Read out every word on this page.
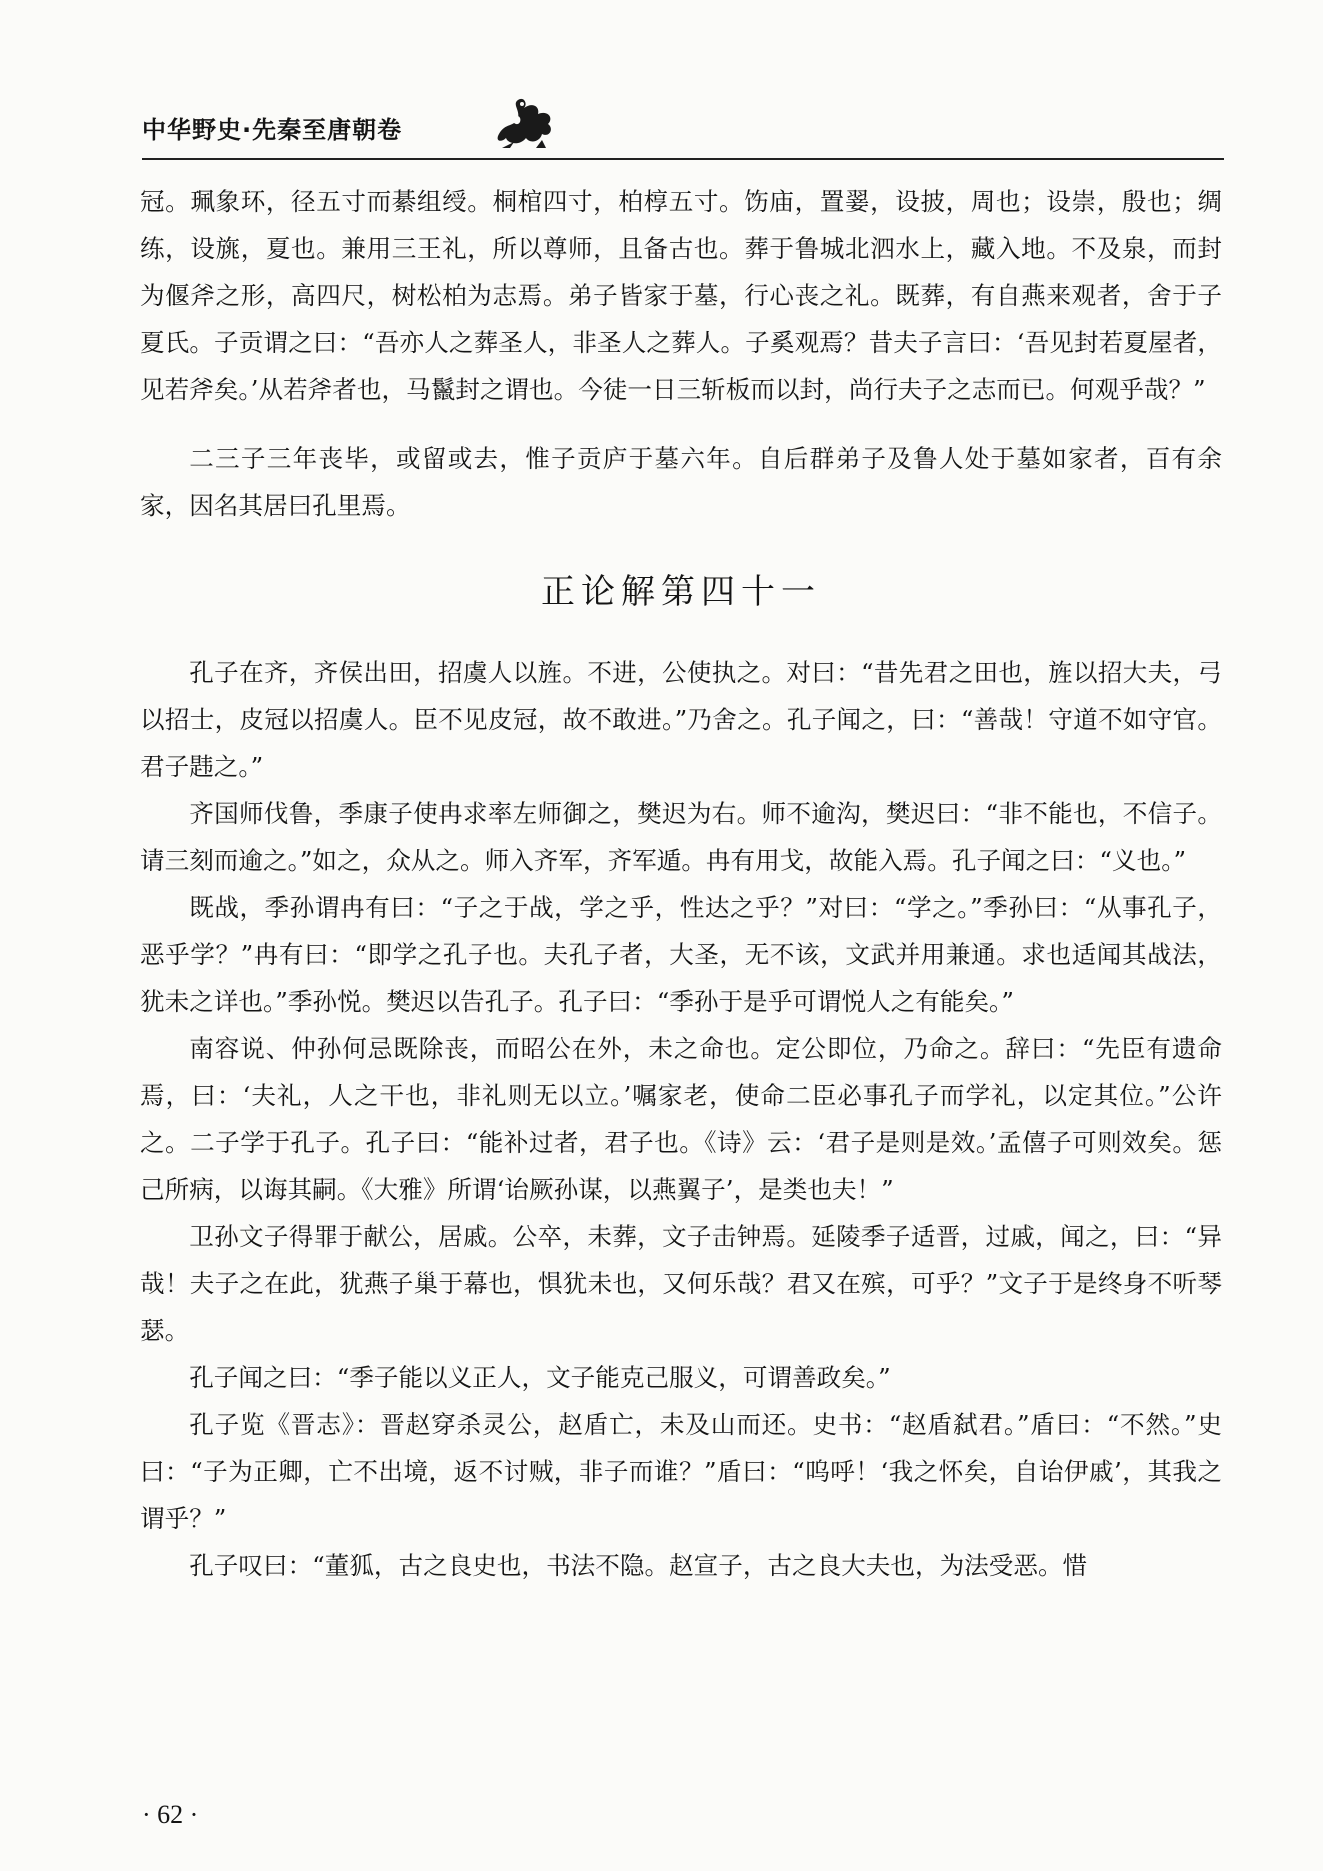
中华野史·先秦至唐朝卷

冠。珮象环，径五寸而綦组绶。桐棺四寸，柏椁五寸。饬庙，置翣，设披，周也；设崇，殷也；绸练，设旐，夏也。兼用三王礼，所以尊师，且备古也。葬于鲁城北泗水上，藏入地。不及泉，而封为偃斧之形，高四尺，树松柏为志焉。弟子皆家于墓，行心丧之礼。既葬，有自燕来观者，舍于子夏氏。子贡谓之曰：“吾亦人之葬圣人，非圣人之葬人。子奚观焉？昔夫子言曰：‘吾见封若夏屋者，见若斧矣。’从若斧者也，马鬣封之谓也。今徒一日三斩板而以封，尚行夫子之志而已。何观乎哉？”

二三子三年丧毕，或留或去，惟子贡庐于墓六年。自后群弟子及鲁人处于墓如家者，百有余家，因名其居曰孔里焉。

正论解第四十一

孔子在齐，齐侯出田，招虞人以旌。不进，公使执之。对曰：“昔先君之田也，旌以招大夫，弓以招士，皮冠以招虞人。臣不见皮冠，故不敢进。”乃舍之。孔子闻之，曰：“善哉！守道不如守官。君子韪之。”

齐国师伐鲁，季康子使冉求率左师御之，樊迟为右。师不逾沟，樊迟曰：“非不能也，不信子。请三刻而逾之。”如之，众从之。师入齐军，齐军遁。冉有用戈，故能入焉。孔子闻之曰：“义也。”

既战，季孙谓冉有曰：“子之于战，学之乎，性达之乎？”对曰：“学之。”季孙曰：“从事孔子，恶乎学？”冉有曰：“即学之孔子也。夫孔子者，大圣，无不该，文武并用兼通。求也适闻其战法，犹未之详也。”季孙悦。樊迟以告孔子。孔子曰：“季孙于是乎可谓悦人之有能矣。”

南容说、仲孙何忌既除丧，而昭公在外，未之命也。定公即位，乃命之。辞曰：“先臣有遗命焉，曰：‘夫礼，人之干也，非礼则无以立。’嘱家老，使命二臣必事孔子而学礼，以定其位。”公许之。二子学于孔子。孔子曰：“能补过者，君子也。《诗》云：‘君子是则是效。’孟僖子可则效矣。惩己所病，以诲其嗣。《大雅》所谓‘诒厥孙谋，以燕翼子’，是类也夫！”

卫孙文子得罪于献公，居戚。公卒，未葬，文子击钟焉。延陵季子适晋，过戚，闻之，曰：“异哉！夫子之在此，犹燕子巢于幕也，惧犹未也，又何乐哉？君又在殡，可乎？”文子于是终身不听琴瑟。

孔子闻之曰：“季子能以义正人，文子能克己服义，可谓善政矣。”

孔子览《晋志》：晋赵穿杀灵公，赵盾亡，未及山而还。史书：“赵盾弑君。”盾曰：“不然。”史曰：“子为正卿，亡不出境，返不讨贼，非子而谁？”盾曰：“呜呼！‘我之怀矣，自诒伊戚’，其我之谓乎？”

孔子叹曰：“董狐，古之良史也，书法不隐。赵宣子，古之良大夫也，为法受恶。惜

· 62 ·
